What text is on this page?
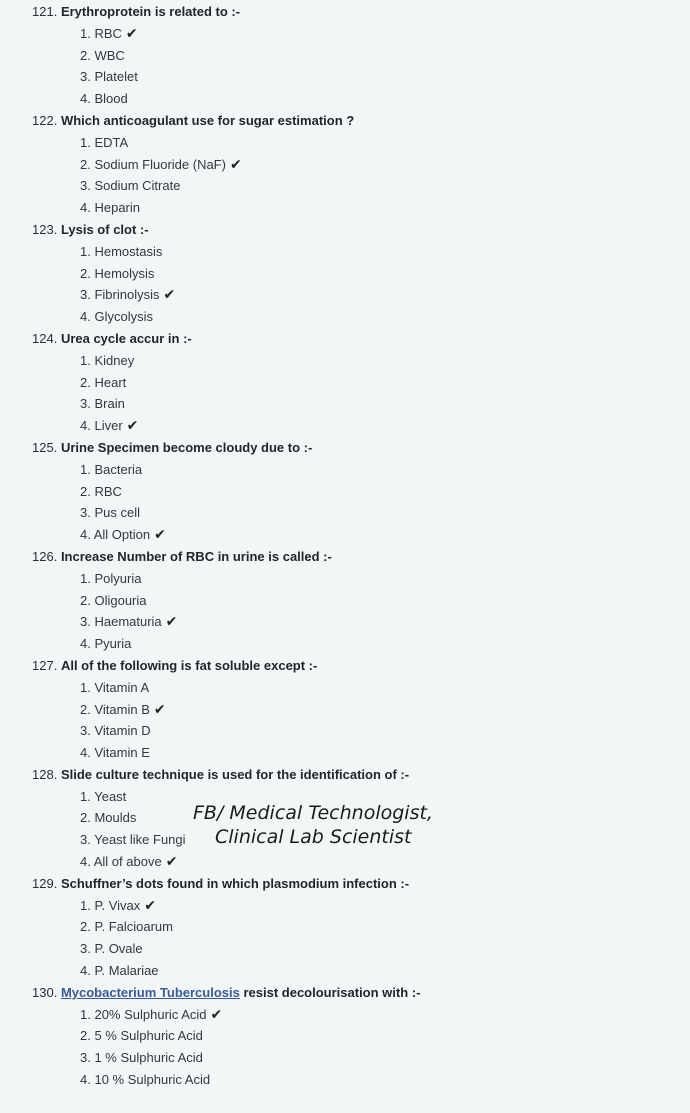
121. Erythroprotein is related to :-
1. RBC ✔
2. WBC
3. Platelet
4. Blood
122. Which anticoagulant use for sugar estimation ?
1. EDTA
2. Sodium Fluoride (NaF) ✔
3. Sodium Citrate
4. Heparin
123. Lysis of clot :-
1. Hemostasis
2. Hemolysis
3. Fibrinolysis ✔
4. Glycolysis
124. Urea cycle accur in :-
1. Kidney
2. Heart
3. Brain
4. Liver ✔
125. Urine Specimen become cloudy due to :-
1. Bacteria
2. RBC
3. Pus cell
4. All Option ✔
126. Increase Number of RBC in urine is called :-
1. Polyuria
2. Oligouria
3. Haematuria ✔
4. Pyuria
127. All of the following is fat soluble except :-
1. Vitamin A
2. Vitamin B ✔
3. Vitamin D
4. Vitamin E
128. Slide culture technique is used for the identification of :-
1. Yeast
2. Moulds
3. Yeast like Fungi
4. All of above ✔
129. Schuffner’s dots found in which plasmodium infection :-
1. P. Vivax ✔
2. P. Falcioarum
3. P. Ovale
4. P. Malariae
130. Mycobacterium Tuberculosis resist decolourisation with :-
1. 20% Sulphuric Acid ✔
2. 5 % Sulphuric Acid
3. 1 % Sulphuric Acid
4. 10 % Sulphuric Acid
FB/ Medical Technologist,
Clinical Lab Scientist
